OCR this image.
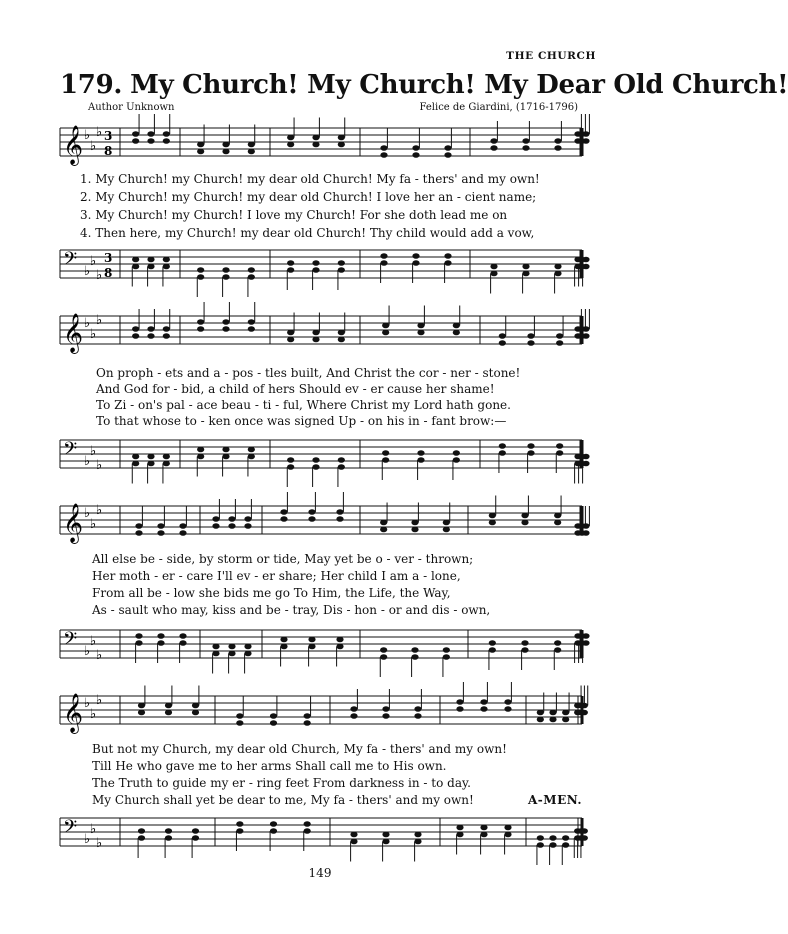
THE CHURCH
179. My Church! My Church! My Dear Old Church!
Author Unknown	Felice de Giardini, (1716-1796)
𝄞 ♭
♭
♭ 3
8
1. My Church! my Church! my dear old Church! My fa - thers' and my own!
2. My Church! my Church! my dear old Church! I love her an - cient name;
3. My Church! my Church! I love my Church! For she doth lead me on
4. Then here, my Church! my dear old Church! Thy child would add a vow,
𝄢 ♭
♭
♭
3
8
𝄞 ♭
♭
♭
On proph - ets and a - pos - tles built, And Christ the cor - ner - stone!
And God for - bid, a child of hers Should ev - er cause her shame!
To Zi - on's pal - ace beau - ti - ful, Where Christ my Lord hath gone.
To that whose to - ken once was signed Up - on his in - fant brow:—
𝄢 ♭
♭
♭
𝄞 ♭
♭
♭
All else be - side, by storm or tide, May yet be o - ver - thrown;
Her moth - er - care I'll ev - er share; Her child I am a - lone,
From all be - low she bids me go To Him, the Life, the Way,
As - sault who may, kiss and be - tray, Dis - hon - or and dis - own,
𝄢 ♭
♭
♭
𝄞 ♭
♭
♭
But not my Church, my dear old Church, My fa - thers' and my own!
Till He who gave me to her arms Shall call me to His own.
The Truth to guide my er - ring feet From darkness in - to day.
My Church shall yet be dear to me, My fa - thers' and my own!	A-MEN.
𝄢 ♭
♭
♭
149
